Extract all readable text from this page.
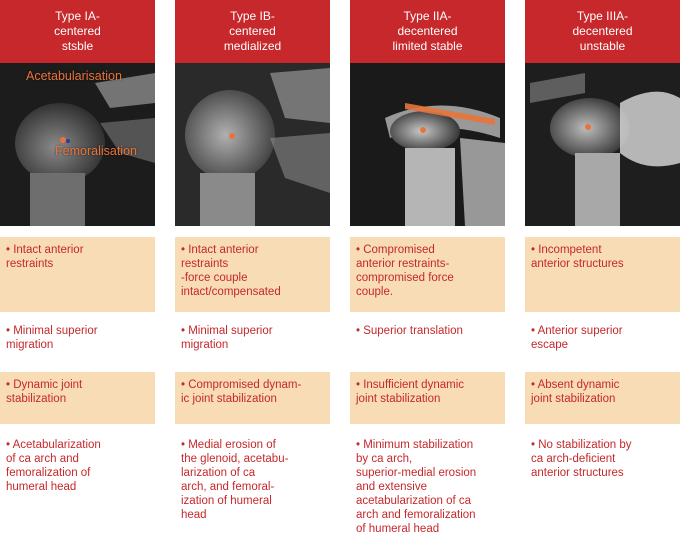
Type IA-
centered
stsble
Acetabularisation
Femoralisation
• Intact anterior
restraints
• Minimal superior
migration
• Dynamic joint
stabilization
• Acetabularization
of ca arch and
femoralization of
humeral head
Type IB-
centered
medialized
• Intact anterior
restraints
-force couple
intact/compensated
• Minimal superior
migration
• Compromised dynam-
ic joint stabilization
• Medial erosion of
the glenoid, acetabu-
larization of ca
arch, and femoral-
ization of humeral
head
Type IIA-
decentered
limited stable
• Compromised
anterior restraints-
compromised force
couple.
• Superior translation
• Insufficient dynamic
joint stabilization
• Minimum stabilization
by ca arch,
superior-medial erosion
and extensive
acetabularization of ca
arch and femoralization
of humeral head
Type IIIA-
decentered
unstable
• Incompetent
anterior structures
• Anterior superior
escape
• Absent dynamic
joint stabilization
• No stabilization by
ca arch-deficient
anterior structures
